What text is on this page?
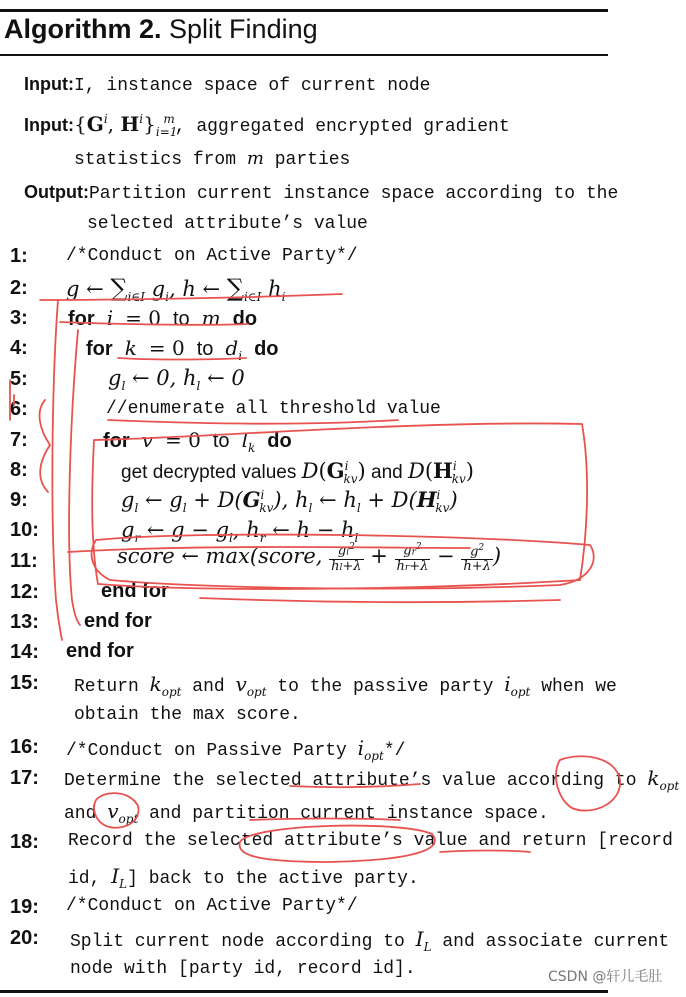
Algorithm 2. Split Finding
Input:I, instance space of current node
$Input:\{G^i$, $H^i\}_{i=1}^m$, aggregated encrypted gradient
statistics from m parties
Output:Partition current instance space according to the
selected attribute’s value
1:
2:
3:
4:
5:
6:
7:
8:
9:
10:
11:
12:
13:
14:
15:
16:
17:
18:
19:
20:
/*Conduct on Active Party*/
g ← $\sum_{i\in I}$ $g_i$, h ← $\sum_{i\in I}$ $h_i$
for i = 0 to m do
for k = 0 to $d_i$ do
$g_l$ ← 0, $h_l$ ← 0
//enumerate all threshold value
for v = 0 to $l_k$ do
get decrypted values $D(G^i_{kv})$ and $D(H^i_{kv})$
$g_l$ ← $g_l + D(G^i_{kv})$, $h_l$ ← $h_l + D(H^i_{kv})$
$g_r$ ← $g - g_l$, $h_r$ ← $h - h_l$
score ← max(score, $\frac{gl^2}{hl+\lambda} + \frac{gr^2}{hr+\lambda} - \frac{g^2}{h+\lambda}$ )
end for
end for
end for
Return $k_{opt}$ and $v_{opt}$ to the passive party $i_{opt}$ when we
obtain the max score.
/*Conduct on Passive Party $i_{opt}*/$
Determine the selected attribute’s value according to $k_{opt}$
and $v_{opt}$ and partition current instance space.
Record the selected attribute’s value and return [record
id, $I_L$] back to the active party.
/*Conduct on Active Party*/
Split current node according to $I_L$ and associate current
node with [party id, record id].	CSDN @轩儿毛肚
